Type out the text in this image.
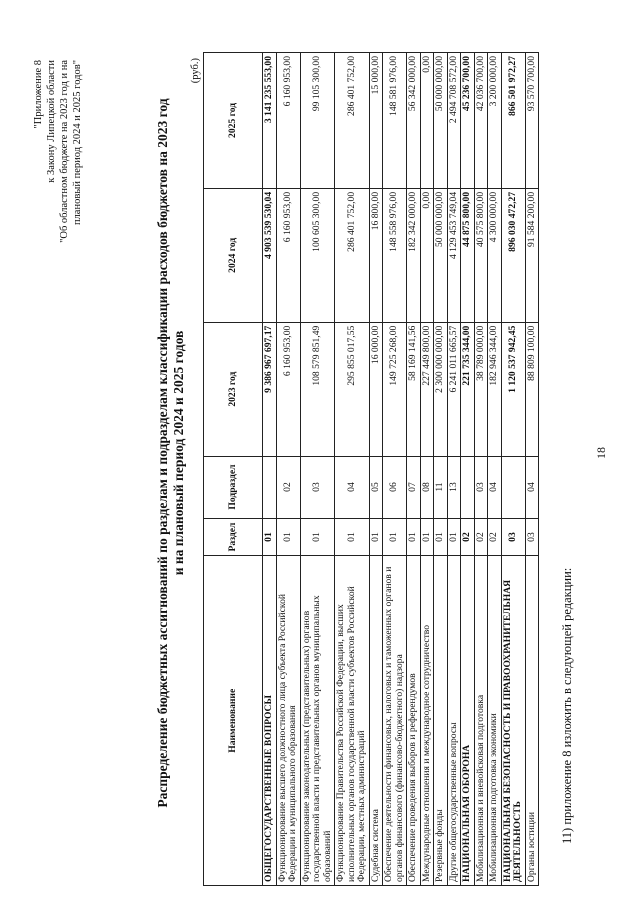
18
11) приложение 8 изложить в следующей редакции:
"Приложение 8 к Закону Липецкой области "Об областном бюджете на 2023 год и на плановый период 2024 и 2025 годов"	Распределение бюджетных ассигнований по разделам и подразделам классификации расходов бюджетов на 2023 год и на плановый период 2024 и 2025 годов
(руб.)
Наименование	Раздел	Подраздел	2023 год	2024 год	2025 год
ОБЩЕГОСУДАРСТВЕННЫЕ ВОПРОСЫ	01		9 386 967 697,17	4 903 539 530,04	3 141 235 553,00
Функционирование высшего должностного лица субъекта Российской Федерации и муниципального образования	01	02	6 160 953,00	6 160 953,00	6 160 953,00
Функционирование законодательных (представительных) органов государственной власти и представительных органов муниципальных образований	01	03	108 579 851,49	100 605 300,00	99 105 300,00
Функционирование Правительства Российской Федерации, высших исполнительных органов государственной власти субъектов Российской Федерации, местных администраций	01	04	295 855 017,55	286 401 752,00	286 401 752,00
Судебная система	01	05	16 000,00	16 800,00	15 000,00
Обеспечение деятельности финансовых, налоговых и таможенных органов и органов финансового (финансово-бюджетного) надзора	01	06	149 725 268,00	148 558 976,00	148 581 976,00
Обеспечение проведения выборов и референдумов	01	07	58 169 141,56	182 342 000,00	56 342 000,00
Международные отношения и международное сотрудничество	01	08	227 449 800,00	0,00	0,00
Резервные фонды	01	11	2 300 000 000,00	50 000 000,00	50 000 000,00
Другие общегосударственные вопросы	01	13	6 241 011 665,57	4 129 453 749,04	2 494 708 572,00
НАЦИОНАЛЬНАЯ ОБОРОНА	02		221 735 344,00	44 875 800,00	45 236 700,00
Мобилизационная и вневойсковая подготовка	02	03	38 789 000,00	40 575 800,00	42 036 700,00
Мобилизационная подготовка экономики	02	04	182 946 344,00	4 300 000,00	3 200 000,00
НАЦИОНАЛЬНАЯ БЕЗОПАСНОСТЬ И ПРАВООХРАНИТЕЛЬНАЯ ДЕЯТЕЛЬНОСТЬ	03		1 120 537 942,45	896 030 472,27	866 501 972,27
Органы юстиции	03	04	88 809 100,00	91 584 200,00	93 570 700,00
